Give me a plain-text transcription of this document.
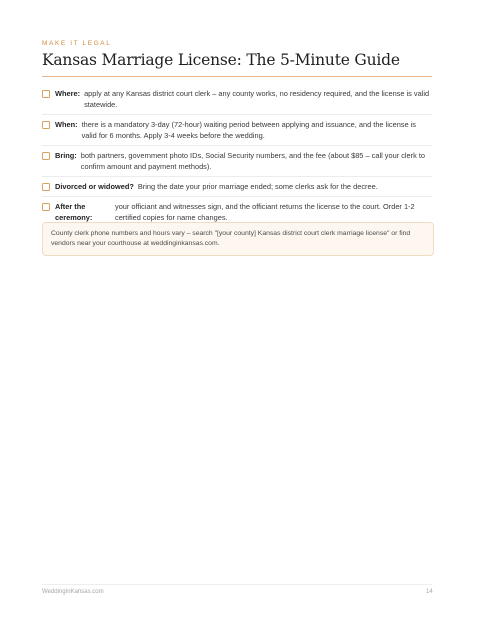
MAKE IT LEGAL
Kansas Marriage License: The 5-Minute Guide
Where: apply at any Kansas district court clerk – any county works, no residency required, and the license is valid statewide.
When: there is a mandatory 3-day (72-hour) waiting period between applying and issuance, and the license is valid for 6 months. Apply 3-4 weeks before the wedding.
Bring: both partners, government photo IDs, Social Security numbers, and the fee (about $85 – call your clerk to confirm amount and payment methods).
Divorced or widowed? Bring the date your prior marriage ended; some clerks ask for the decree.
After the ceremony:
your officiant and witnesses sign, and the officiant returns the license to the court. Order 1-2 certified copies for name changes.
County clerk phone numbers and hours vary – search "[your county] Kansas district court clerk marriage license" or find vendors near your courthouse at weddinginkansas.com.
WeddingInKansas.com	14
